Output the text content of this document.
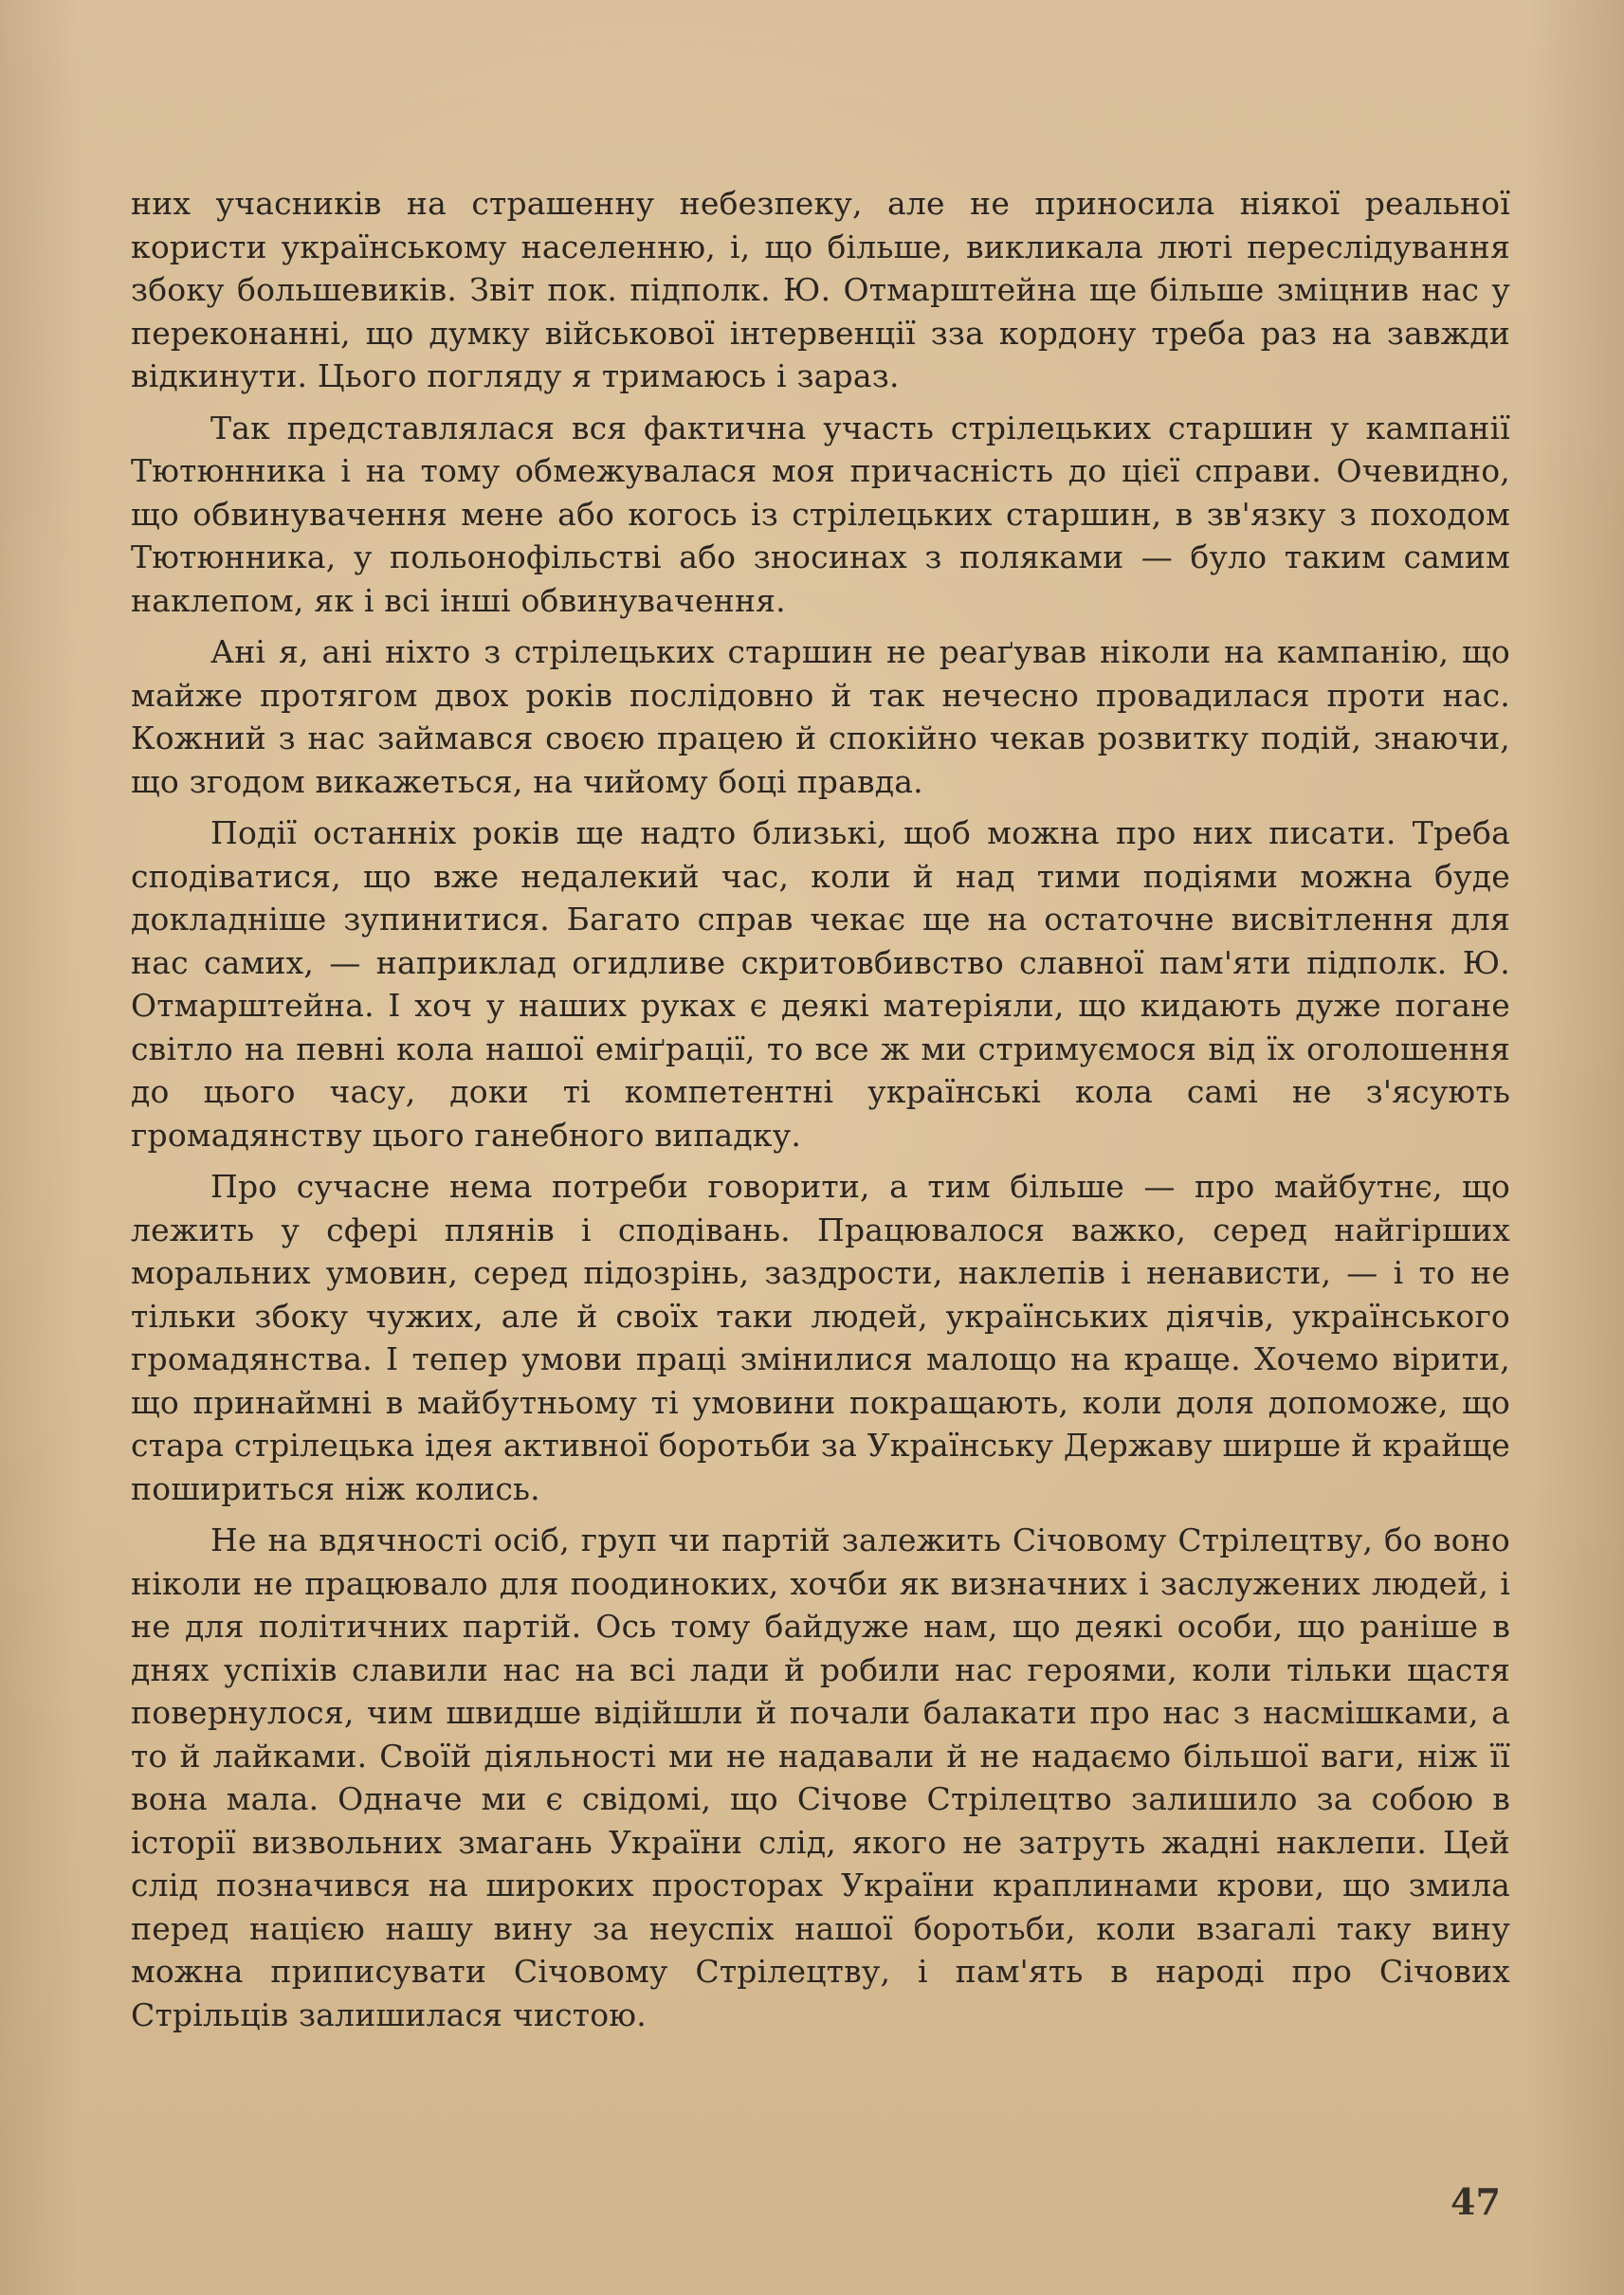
них учасників на страшенну небезпеку, але не приносила ніякої реальної користи українському населенню, і, що більше, викликала люті переслідування збоку большевиків. Звіт пок. підполк. Ю. Отмарштейна ще більше зміцнив нас у переконанні, що думку військової інтервенції зза кордону треба раз на завжди відкинути. Цього погляду я тримаюсь і зараз.

Так представлялася вся фактична участь стрілецьких старшин у кампанії Тютюнника і на тому обмежувалася моя причасність до цієї справи. Очевидно, що обвинувачення мене або когось із стрілецьких старшин, в зв'язку з походом Тютюнника, у польонофільстві або зносинах з поляками — було таким самим наклепом, як і всі інші обвинувачення.

Ані я, ані ніхто з стрілецьких старшин не реаґував ніколи на кампанію, що майже протягом двох років послідовно й так нечесно провадилася проти нас. Кожний з нас займався своєю працею й спокійно чекав розвитку подій, знаючи, що згодом викажеться, на чийому боці правда.

Події останніх років ще надто близькі, щоб можна про них писати. Треба сподіватися, що вже недалекий час, коли й над тими подіями можна буде докладніше зупинитися. Багато справ чекає ще на остаточне висвітлення для нас самих, — наприклад огидливе скритовбивство славної пам'яти підполк. Ю. Отмарштейна. І хоч у наших руках є деякі матеріяли, що кидають дуже погане світло на певні кола нашої еміґрації, то все ж ми стримуємося від їх оголошення до цього часу, доки ті компетентні українські кола самі не з'ясують громадянству цього ганебного випадку.

Про сучасне нема потреби говорити, а тим більше — про майбутнє, що лежить у сфері плянів і сподівань. Працювалося важко, серед найгірших моральних умовин, серед підозрінь, заздрости, наклепів і ненависти, — і то не тільки збоку чужих, але й своїх таки людей, українських діячів, українського громадянства. І тепер умови праці змінилися малощо на краще. Хочемо вірити, що принаймні в майбутньому ті умовини покращають, коли доля допоможе, що стара стрілецька ідея активної боротьби за Українську Державу ширше й крайще пошириться ніж колись.

Не на вдячності осіб, груп чи партій залежить Січовому Стрілецтву, бо воно ніколи не працювало для поодиноких, хочби як визначних і заслужених людей, і не для політичних партій. Ось тому байдуже нам, що деякі особи, що раніше в днях успіхів славили нас на всі лади й робили нас героями, коли тільки щастя повернулося, чим швидше відійшли й почали балакати про нас з насмішками, а то й лайками. Своїй діяльності ми не надавали й не надаємо більшої ваги, ніж її вона мала. Одначе ми є свідомі, що Січове Стрілецтво залишило за собою в історії визвольних змагань України слід, якого не затруть жадні наклепи. Цей слід позначився на широких просторах України краплинами крови, що змила перед нацією нашу вину за неуспіх нашої боротьби, коли взагалі таку вину можна приписувати Січовому Стрілецтву, і пам'ять в народі про Січових Стрільців залишилася чистою.

47
